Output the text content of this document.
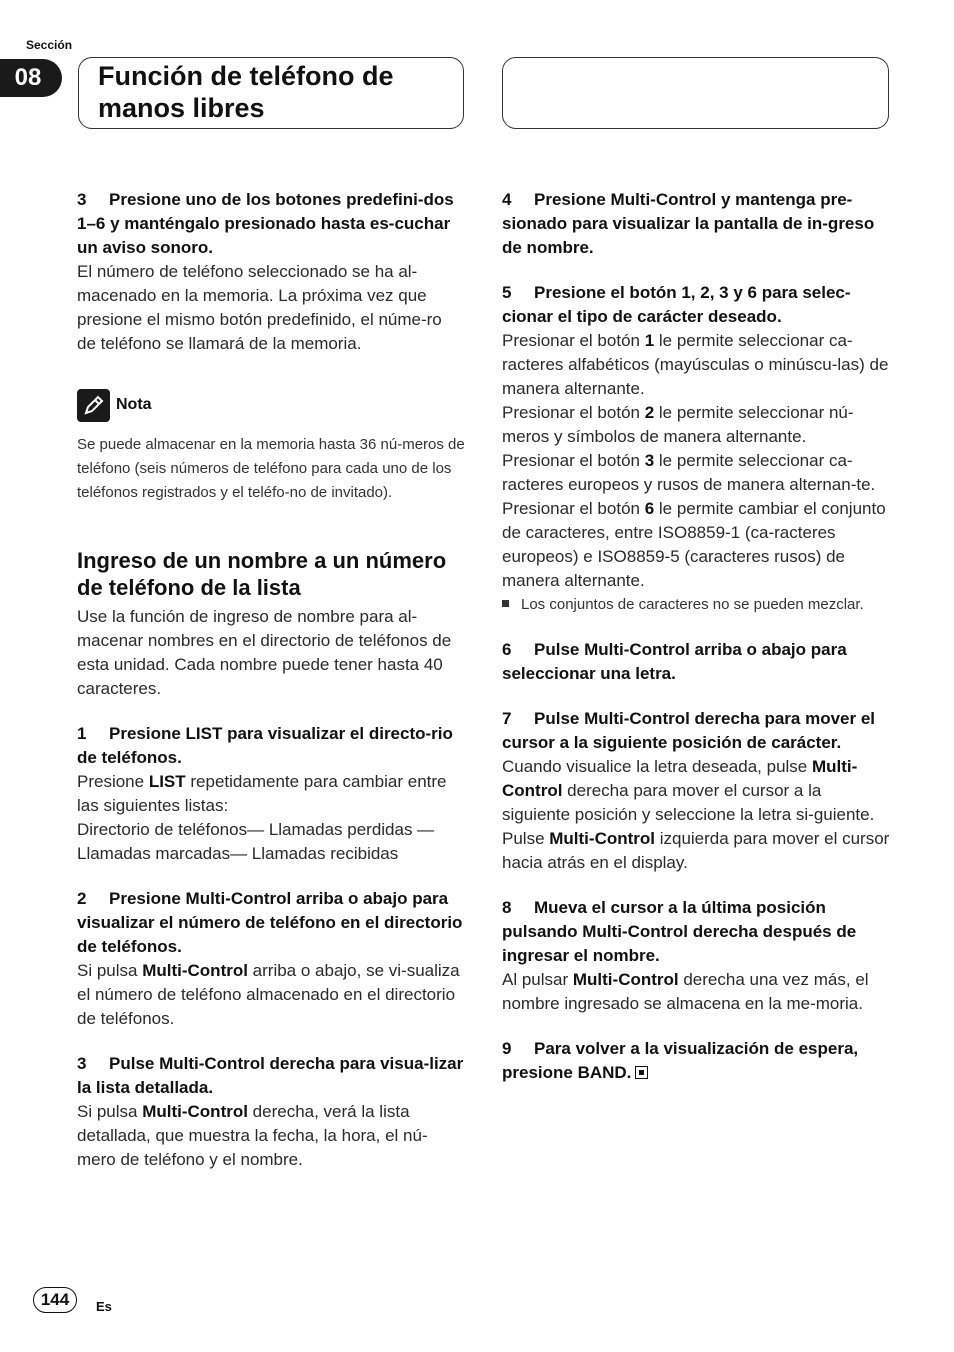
Sección
08	Función de teléfono de
manos libres

3 Presione uno de los botones predefini-dos 1–6 y manténgalo presionado hasta es-cuchar un aviso sonoro.

El número de teléfono seleccionado se ha al-macenado en la memoria. La próxima vez que presione el mismo botón predefinido, el núme-ro de teléfono se llamará de la memoria.

Nota

Se puede almacenar en la memoria hasta 36 nú-meros de teléfono (seis números de teléfono para cada uno de los teléfonos registrados y el teléfo-no de invitado).

Ingreso de un nombre a un número de teléfono de la lista

Use la función de ingreso de nombre para al-macenar nombres en el directorio de teléfonos de esta unidad. Cada nombre puede tener hasta 40 caracteres.

1 Presione LIST para visualizar el directo-rio de teléfonos.

Presione LIST repetidamente para cambiar entre las siguientes listas:

Directorio de teléfonos— Llamadas perdidas — Llamadas marcadas— Llamadas recibidas

2 Presione Multi-Control arriba o abajo para visualizar el número de teléfono en el directorio de teléfonos.

Si pulsa Multi-Control arriba o abajo, se vi-sualiza el número de teléfono almacenado en el directorio de teléfonos.

3 Pulse Multi-Control derecha para visua-lizar la lista detallada.

Si pulsa Multi-Control derecha, verá la lista detallada, que muestra la fecha, la hora, el nú-mero de teléfono y el nombre.

4 Presione Multi-Control y mantenga pre-sionado para visualizar la pantalla de in-greso de nombre.

5 Presione el botón 1, 2, 3 y 6 para selec-cionar el tipo de carácter deseado.

Presionar el botón 1 le permite seleccionar ca-racteres alfabéticos (mayúsculas o minúscu-las) de manera alternante.

Presionar el botón 2 le permite seleccionar nú-meros y símbolos de manera alternante.

Presionar el botón 3 le permite seleccionar ca-racteres europeos y rusos de manera alternan-te.

Presionar el botón 6 le permite cambiar el conjunto de caracteres, entre ISO8859-1 (ca-racteres europeos) e ISO8859-5 (caracteres rusos) de manera alternante.

Los conjuntos de caracteres no se pueden mezclar.

6 Pulse Multi-Control arriba o abajo para seleccionar una letra.

7 Pulse Multi-Control derecha para mover el cursor a la siguiente posición de carácter.

Cuando visualice la letra deseada, pulse Multi-Control derecha para mover el cursor a la siguiente posición y seleccione la letra si-guiente. Pulse Multi-Control izquierda para mover el cursor hacia atrás en el display.

8 Mueva el cursor a la última posición pulsando Multi-Control derecha después de ingresar el nombre.

Al pulsar Multi-Control derecha una vez más, el nombre ingresado se almacena en la me-moria.

9 Para volver a la visualización de espera, presione BAND.

144	Es
